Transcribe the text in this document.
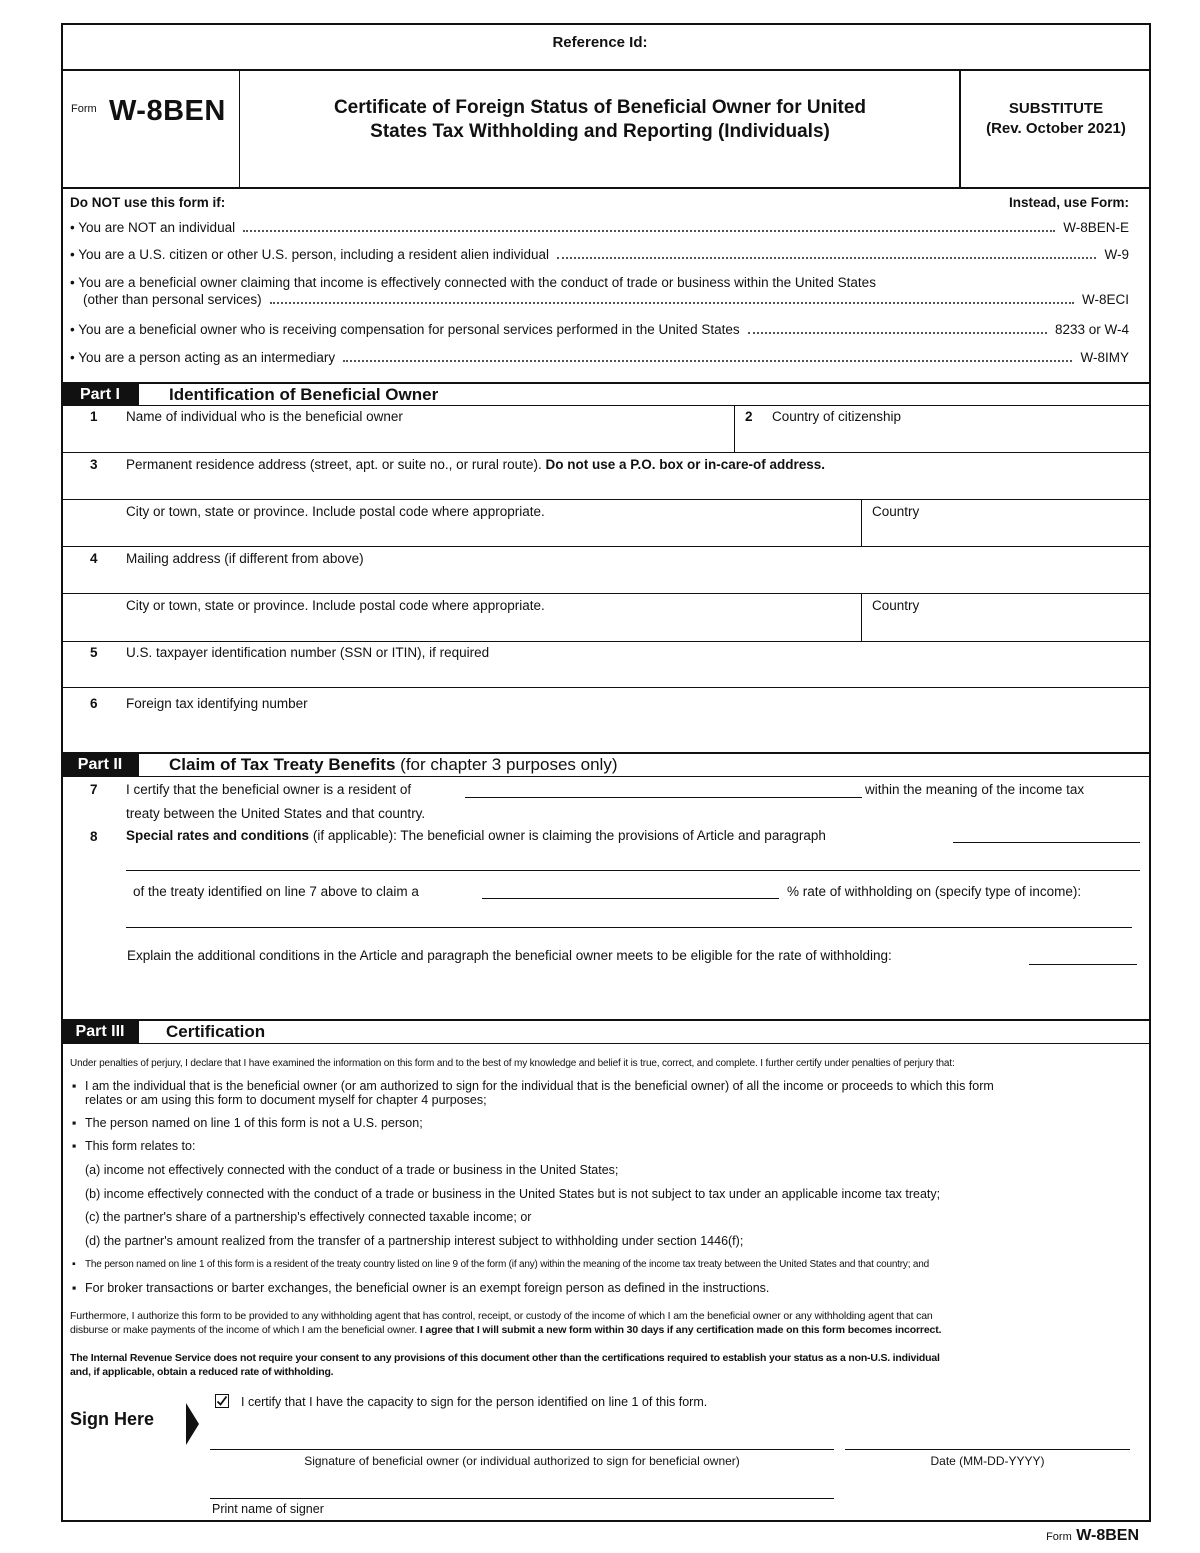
Reference Id:
Form W-8BEN	Certificate of Foreign Status of Beneficial Owner for United
States Tax Withholding and Reporting (Individuals)
SUBSTITUTE
(Rev. October 2021)
Do NOT use this form if:	Instead, use Form:
• You are NOT an individual	W-8BEN-E
• You are a U.S. citizen or other U.S. person, including a resident alien individual	W-9
• You are a beneficial owner claiming that income is effectively connected with the conduct of trade or business within the United States
(other than personal services)	W-8ECI
• You are a beneficial owner who is receiving compensation for personal services performed in the United States	8233 or W-4
• You are a person acting as an intermediary	W-8IMY
Part I	Identification of Beneficial Owner
1 Name of individual who is the beneficial owner	2 Country of citizenship
3 Permanent residence address (street, apt. or suite no., or rural route). Do not use a P.O. box or in-care-of address.
City or town, state or province. Include postal code where appropriate.	Country
4 Mailing address (if different from above)
City or town, state or province. Include postal code where appropriate.	Country
5 U.S. taxpayer identification number (SSN or ITIN), if required
6 Foreign tax identifying number
Part II	Claim of Tax Treaty Benefits (for chapter 3 purposes only)
7 I certify that the beneficial owner is a resident of	within the meaning of the income tax
treaty between the United States and that country.
8 Special rates and conditions (if applicable): The beneficial owner is claiming the provisions of Article and paragraph
of the treaty identified on line 7 above to claim a	% rate of withholding on (specify type of income):
Explain the additional conditions in the Article and paragraph the beneficial owner meets to be eligible for the rate of withholding:
Part III	Certification
Under penalties of perjury, I declare that I have examined the information on this form and to the best of my knowledge and belief it is true, correct, and complete. I further certify under penalties of perjury that:
▪ I am the individual that is the beneficial owner (or am authorized to sign for the individual that is the beneficial owner) of all the income or proceeds to which this form
relates or am using this form to document myself for chapter 4 purposes;
▪ The person named on line 1 of this form is not a U.S. person;
▪ This form relates to:
(a) income not effectively connected with the conduct of a trade or business in the United States;
(b) income effectively connected with the conduct of a trade or business in the United States but is not subject to tax under an applicable income tax treaty;
(c) the partner's share of a partnership's effectively connected taxable income; or
(d) the partner's amount realized from the transfer of a partnership interest subject to withholding under section 1446(f);
▪ The person named on line 1 of this form is a resident of the treaty country listed on line 9 of the form (if any) within the meaning of the income tax treaty between the United States and that country; and
▪ For broker transactions or barter exchanges, the beneficial owner is an exempt foreign person as defined in the instructions.
Furthermore, I authorize this form to be provided to any withholding agent that has control, receipt, or custody of the income of which I am the beneficial owner or any withholding agent that can
disburse or make payments of the income of which I am the beneficial owner. I agree that I will submit a new form within 30 days if any certification made on this form becomes incorrect.
The Internal Revenue Service does not require your consent to any provisions of this document other than the certifications required to establish your status as a non-U.S. individual
and, if applicable, obtain a reduced rate of withholding.
Sign Here
I certify that I have the capacity to sign for the person identified on line 1 of this form.
Signature of beneficial owner (or individual authorized to sign for beneficial owner)	Date (MM-DD-YYYY)
Print name of signer
Form W-8BEN
